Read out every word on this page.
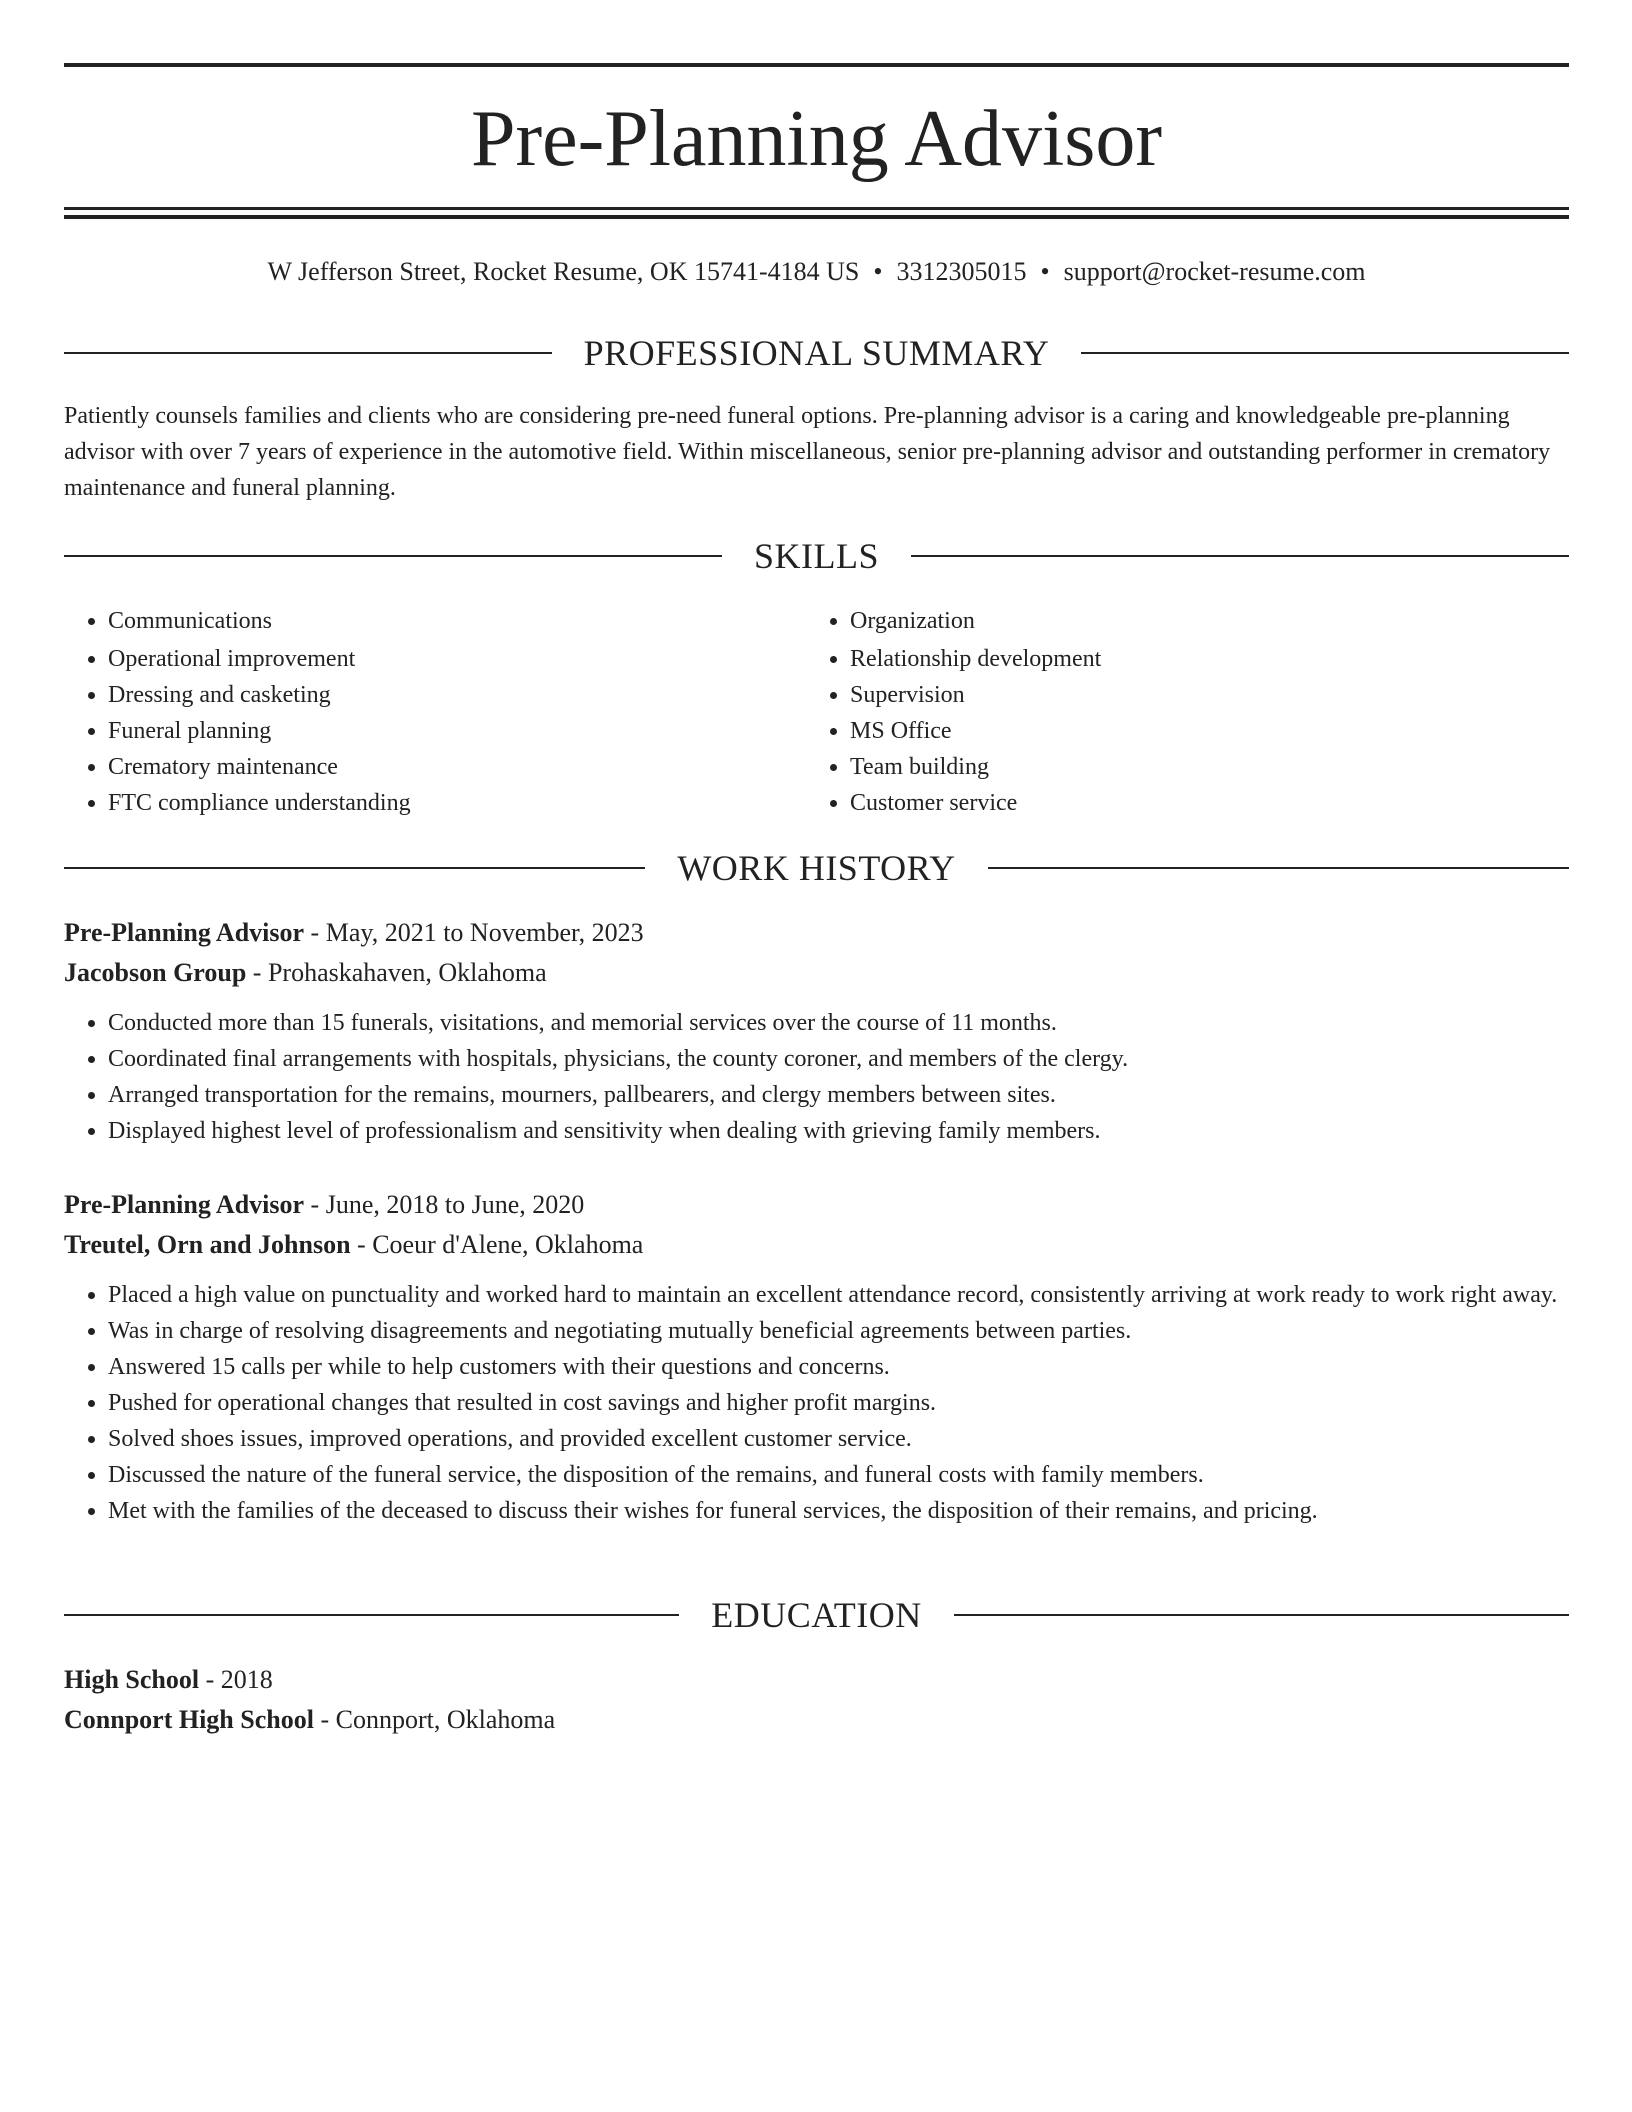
Pre-Planning Advisor
W Jefferson Street, Rocket Resume, OK 15741-4184 US • 3312305015 • support@rocket-resume.com
PROFESSIONAL SUMMARY

Patiently counsels families and clients who are considering pre-need funeral options. Pre-planning advisor is a caring and knowledgeable pre-planning advisor with over 7 years of experience in the automotive field. Within miscellaneous, senior pre-planning advisor and outstanding performer in crematory maintenance and funeral planning.

SKILLS
• Communications
• Operational improvement
• Dressing and casketing
• Funeral planning
• Crematory maintenance
• FTC compliance understanding
• Organization
• Relationship development
• Supervision
• MS Office
• Team building
• Customer service
WORK HISTORY
Pre-Planning Advisor - May, 2021 to November, 2023
Jacobson Group - Prohaskahaven, Oklahoma
• Conducted more than 15 funerals, visitations, and memorial services over the course of 11 months.
• Coordinated final arrangements with hospitals, physicians, the county coroner, and members of the clergy.
• Arranged transportation for the remains, mourners, pallbearers, and clergy members between sites.
• Displayed highest level of professionalism and sensitivity when dealing with grieving family members.
Pre-Planning Advisor - June, 2018 to June, 2020
Treutel, Orn and Johnson - Coeur d'Alene, Oklahoma
• Placed a high value on punctuality and worked hard to maintain an excellent attendance record, consistently arriving at work ready to work right away.
• Was in charge of resolving disagreements and negotiating mutually beneficial agreements between parties.
• Answered 15 calls per while to help customers with their questions and concerns.
• Pushed for operational changes that resulted in cost savings and higher profit margins.
• Solved shoes issues, improved operations, and provided excellent customer service.
• Discussed the nature of the funeral service, the disposition of the remains, and funeral costs with family members.
• Met with the families of the deceased to discuss their wishes for funeral services, the disposition of their remains, and pricing.
EDUCATION
High School - 2018
Connport High School - Connport, Oklahoma
